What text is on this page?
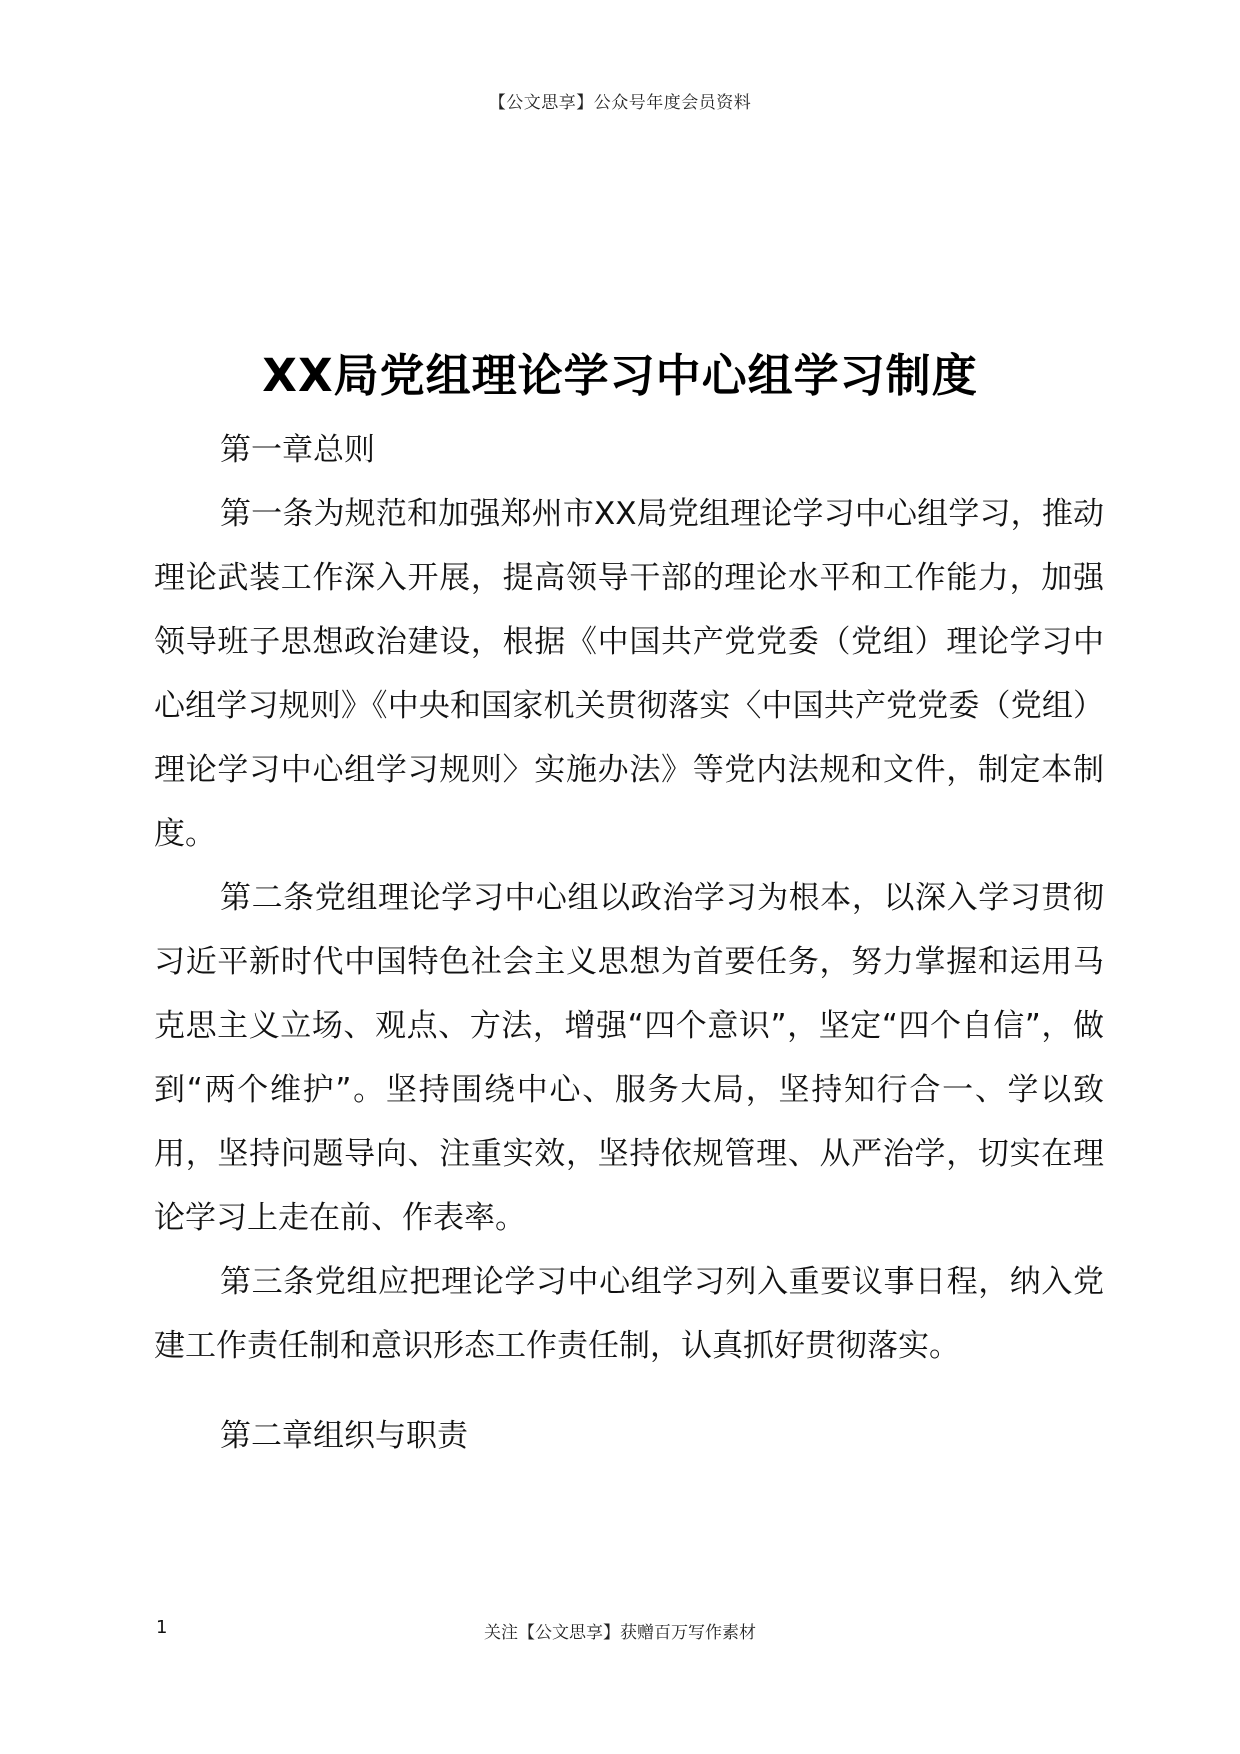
【公文思享】公众号年度会员资料
XX局党组理论学习中心组学习制度

第一章总则

第一条为规范和加强郑州市XX局党组理论学习中心组学习，推动理论武装工作深入开展，提高领导干部的理论水平和工作能力，加强领导班子思想政治建设，根据《中国共产党党委（党组）理论学习中心组学习规则》《中央和国家机关贯彻落实〈中国共产党党委（党组）理论学习中心组学习规则〉实施办法》等党内法规和文件，制定本制度。

第二条党组理论学习中心组以政治学习为根本，以深入学习贯彻习近平新时代中国特色社会主义思想为首要任务，努力掌握和运用马克思主义立场、观点、方法，增强“四个意识”，坚定“四个自信”，做到“两个维护”。坚持围绕中心、服务大局，坚持知行合一、学以致用，坚持问题导向、注重实效，坚持依规管理、从严治学，切实在理论学习上走在前、作表率。

第三条党组应把理论学习中心组学习列入重要议事日程，纳入党建工作责任制和意识形态工作责任制，认真抓好贯彻落实。

第二章组织与职责

1	关注【公文思享】获赠百万写作素材
